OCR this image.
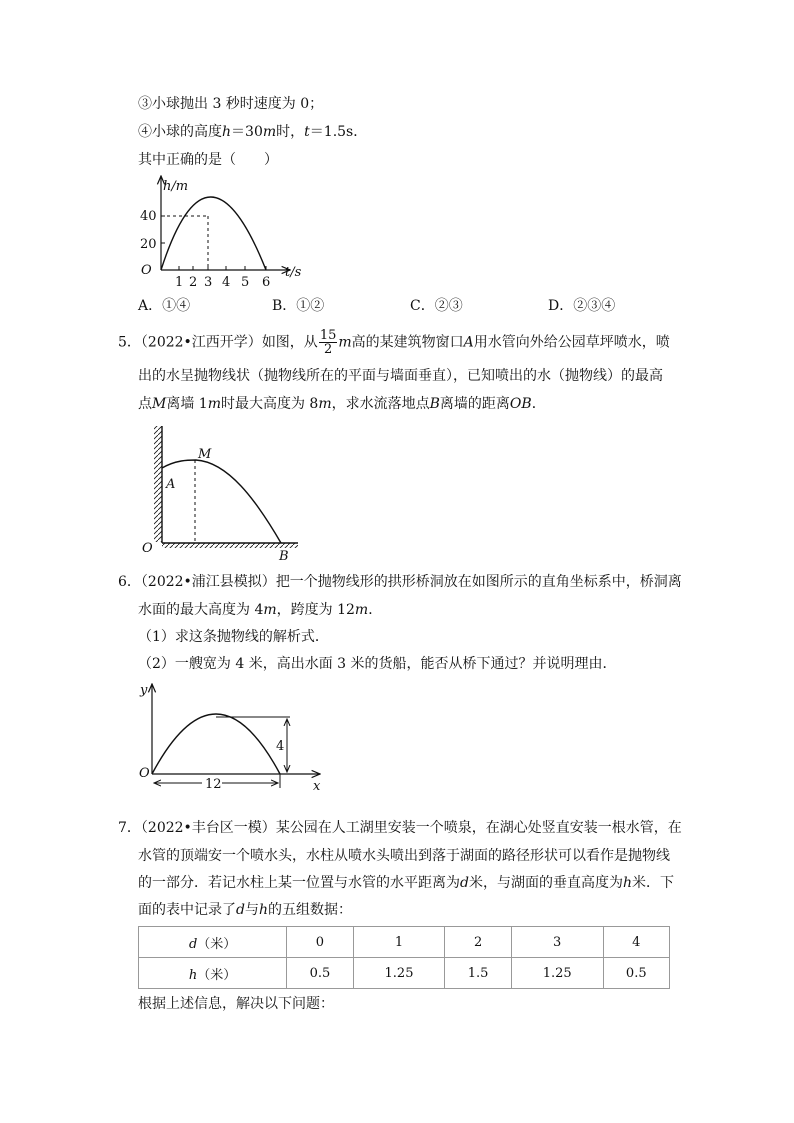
③小球抛出 3 秒时速度为 0；
④小球的高度h＝30m时，t＝1.5s．
其中正确的是（　　）
h/m
t/s
O
40
20
1 2 3 4 5 6
A．①④	B．①②	C．②③	D．②③④
5．（2022•江西开学）如图，从 $\frac{15}{2}$ m高的某建筑物窗口A用水管向外给公园草坪喷水，喷
出的水呈抛物线状（抛物线所在的平面与墙面垂直），已知喷出的水（抛物线）的最高
点M离墙 1m时最大高度为 8m，求水流落地点B离墙的距离OB．
M
A
O
B
6．（2022•浦江县模拟）把一个抛物线形的拱形桥洞放在如图所示的直角坐标系中，桥洞离
水面的最大高度为 4m，跨度为 12m．
（1）求这条抛物线的解析式．
（2）一艘宽为 4 米，高出水面 3 米的货船，能否从桥下通过？并说明理由．
y
x
O
4
12
7．（2022•丰台区一模）某公园在人工湖里安装一个喷泉，在湖心处竖直安装一根水管，在
水管的顶端安一个喷水头，水柱从喷水头喷出到落于湖面的路径形状可以看作是抛物线
的一部分．若记水柱上某一位置与水管的水平距离为d米，与湖面的垂直高度为h米．下
面的表中记录了d与h的五组数据：
d（米）	0	1	2	3	4
h（米）	0.5	1.25	1.5	1.25	0.5
根据上述信息，解决以下问题：
